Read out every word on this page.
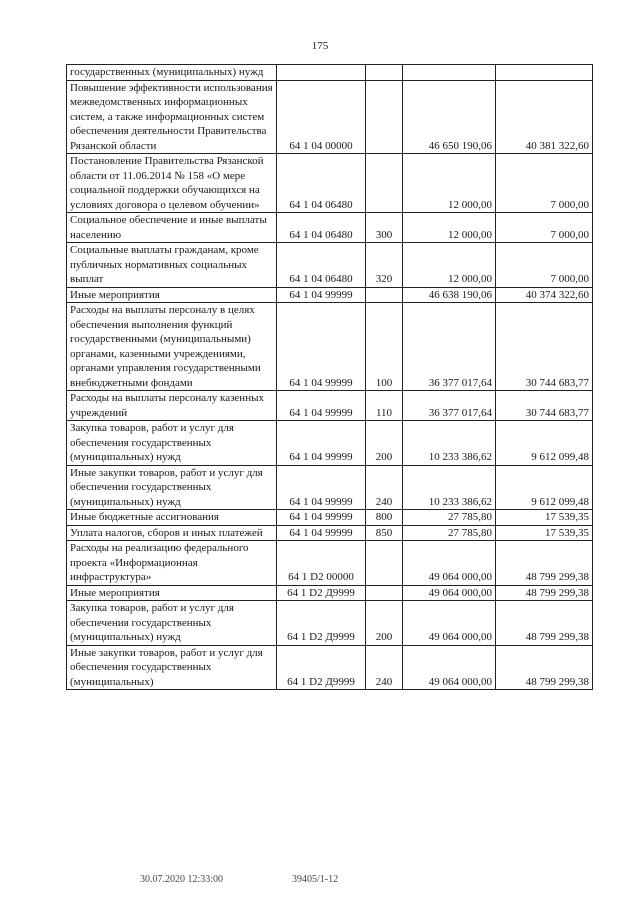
175
государственных (муниципальных) нужд				
Повышение эффективности использования межведомственных информационных систем, а также информационных систем обеспечения деятельности Правительства Рязанской области	64 1 04 00000		46 650 190,06	40 381 322,60
Постановление Правительства Рязанской области от 11.06.2014 № 158 «О мере социальной поддержки обучающихся на условиях договора о целевом обучении»	64 1 04 06480		12 000,00	7 000,00
Социальное обеспечение и иные выплаты населению	64 1 04 06480	300	12 000,00	7 000,00
Социальные выплаты гражданам, кроме публичных нормативных социальных выплат	64 1 04 06480	320	12 000,00	7 000,00
Иные мероприятия	64 1 04 99999		46 638 190,06	40 374 322,60
Расходы на выплаты персоналу в целях обеспечения выполнения функций государственными (муниципальными) органами, казенными учреждениями, органами управления государственными внебюджетными фондами	64 1 04 99999	100	36 377 017,64	30 744 683,77
Расходы на выплаты персоналу казенных учреждений	64 1 04 99999	110	36 377 017,64	30 744 683,77
Закупка товаров, работ и услуг для обеспечения государственных (муниципальных) нужд	64 1 04 99999	200	10 233 386,62	9 612 099,48
Иные закупки товаров, работ и услуг для обеспечения государственных (муниципальных) нужд	64 1 04 99999	240	10 233 386,62	9 612 099,48
Иные бюджетные ассигнования	64 1 04 99999	800	27 785,80	17 539,35
Уплата налогов, сборов и иных платежей	64 1 04 99999	850	27 785,80	17 539,35
Расходы на реализацию федерального проекта «Информационная инфраструктура»	64 1 D2 00000		49 064 000,00	48 799 299,38
Иные мероприятия	64 1 D2 Д9999		49 064 000,00	48 799 299,38
Закупка товаров, работ и услуг для обеспечения государственных (муниципальных) нужд	64 1 D2 Д9999	200	49 064 000,00	48 799 299,38
Иные закупки товаров, работ и услуг для обеспечения государственных (муниципальных)	64 1 D2 Д9999	240	49 064 000,00	48 799 299,38
30.07.2020 12:33:00	39405/1-12
